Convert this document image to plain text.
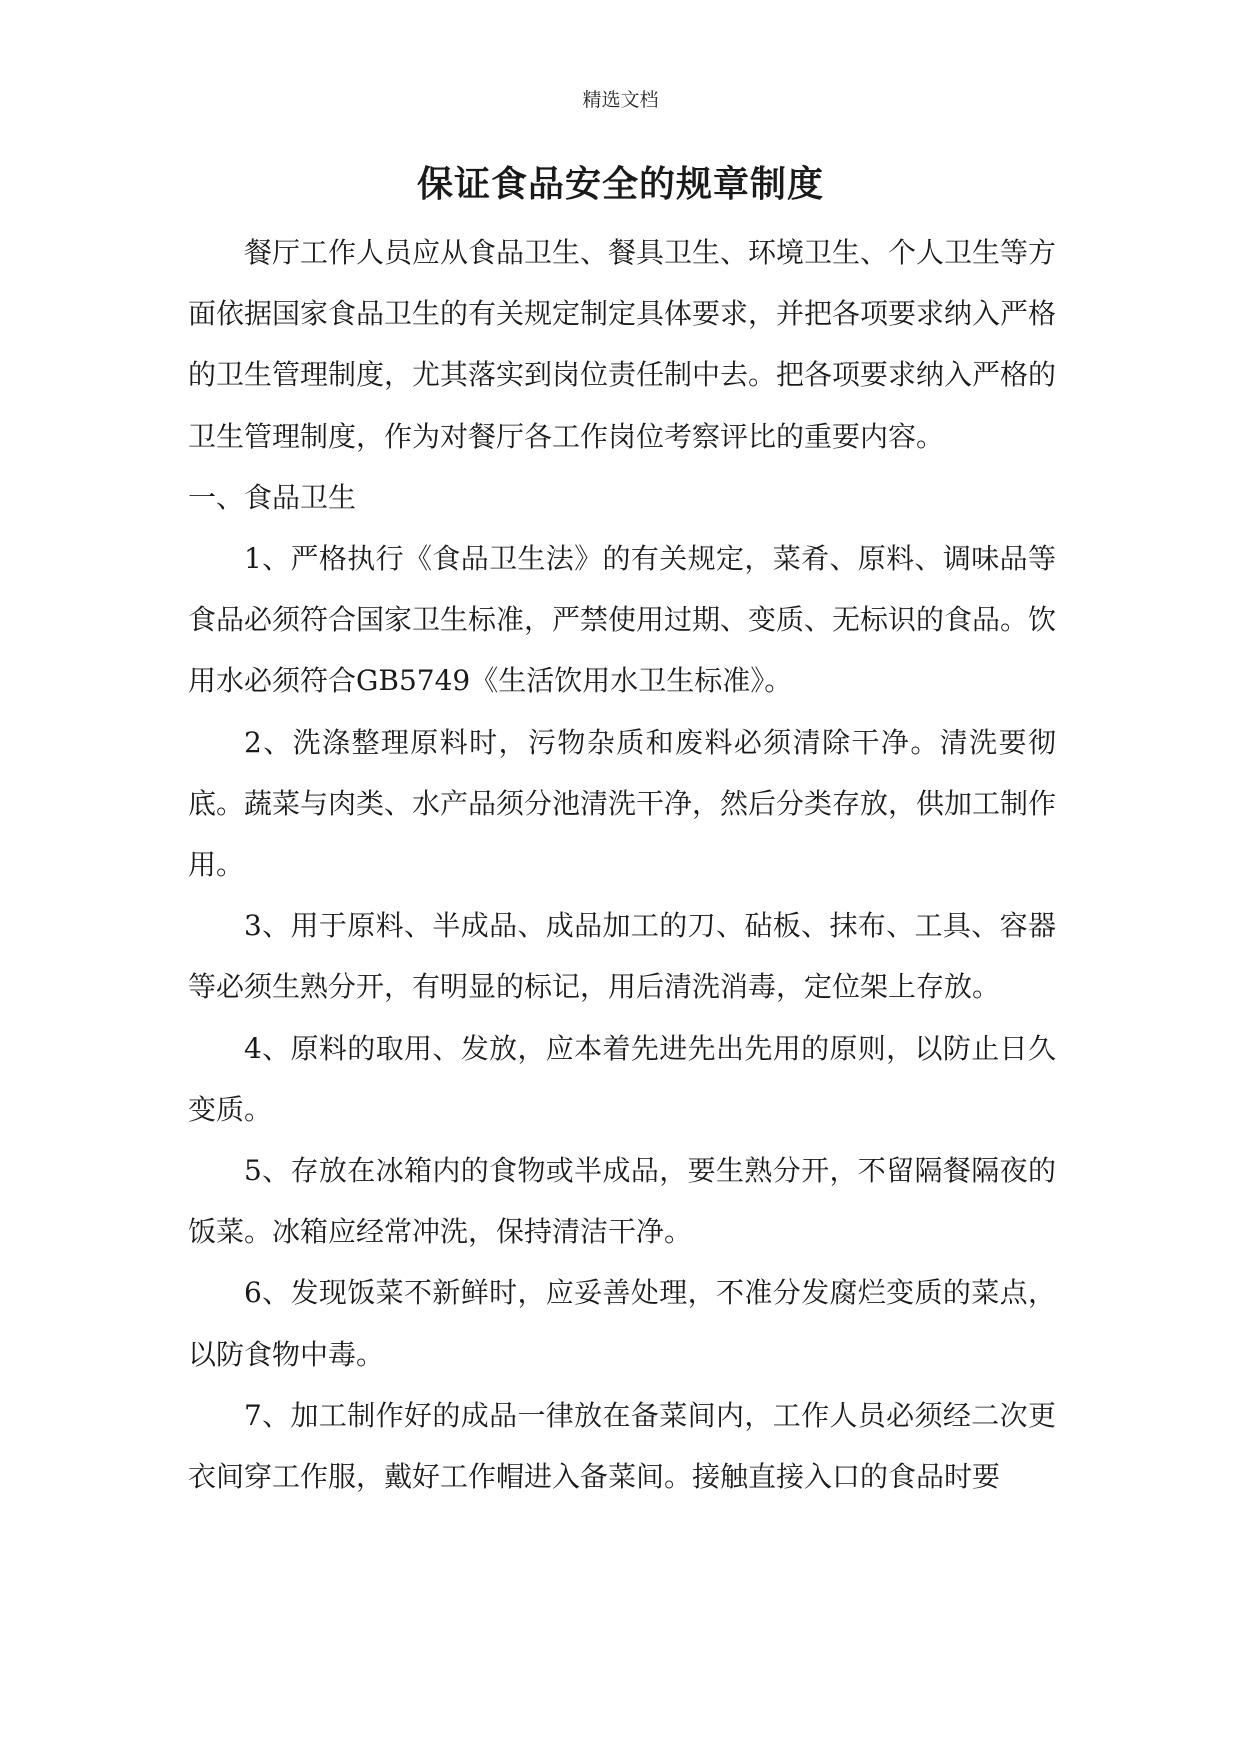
精选文档
保证食品安全的规章制度

餐厅工作人员应从食品卫生、餐具卫生、环境卫生、个人卫生等方面依据国家食品卫生的有关规定制定具体要求，并把各项要求纳入严格的卫生管理制度，尤其落实到岗位责任制中去。把各项要求纳入严格的卫生管理制度，作为对餐厅各工作岗位考察评比的重要内容。

一、食品卫生

1、严格执行《食品卫生法》的有关规定，菜肴、原料、调味品等食品必须符合国家卫生标准，严禁使用过期、变质、无标识的食品。饮用水必须符合GB5749《生活饮用水卫生标准》。

2、洗涤整理原料时，污物杂质和废料必须清除干净。清洗要彻底。蔬菜与肉类、水产品须分池清洗干净，然后分类存放，供加工制作用。

3、用于原料、半成品、成品加工的刀、砧板、抹布、工具、容器等必须生熟分开，有明显的标记，用后清洗消毒，定位架上存放。

4、原料的取用、发放，应本着先进先出先用的原则，以防止日久变质。

5、存放在冰箱内的食物或半成品，要生熟分开，不留隔餐隔夜的饭菜。冰箱应经常冲洗，保持清洁干净。

6、发现饭菜不新鲜时，应妥善处理，不准分发腐烂变质的菜点，以防食物中毒。

7、加工制作好的成品一律放在备菜间内，工作人员必须经二次更衣间穿工作服，戴好工作帽进入备菜间。接触直接入口的食品时要
